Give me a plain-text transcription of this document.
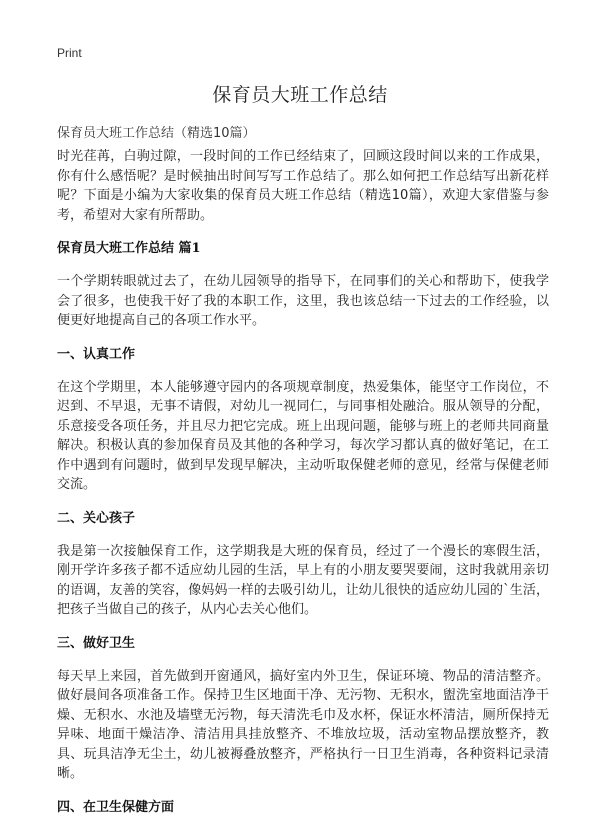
Print
保育员大班工作总结

保育员大班工作总结（精选10篇）

时光荏苒，白驹过隙，一段时间的工作已经结束了，回顾这段时间以来的工作成果，你有什么感悟呢？是时候抽出时间写写工作总结了。那么如何把工作总结写出新花样呢？下面是小编为大家收集的保育员大班工作总结（精选10篇），欢迎大家借鉴与参考，希望对大家有所帮助。

保育员大班工作总结 篇1

一个学期转眼就过去了，在幼儿园领导的指导下，在同事们的关心和帮助下，使我学会了很多，也使我干好了我的本职工作，这里，我也该总结一下过去的工作经验，以便更好地提高自己的各项工作水平。

一、认真工作

在这个学期里，本人能够遵守园内的各项规章制度，热爱集体，能坚守工作岗位，不迟到、不早退，无事不请假，对幼儿一视同仁，与同事相处融洽。服从领导的分配，乐意接受各项任务，并且尽力把它完成。班上出现问题，能够与班上的老师共同商量解决。积极认真的参加保育员及其他的各种学习，每次学习都认真的做好笔记，在工作中遇到有问题时，做到早发现早解决，主动听取保健老师的意见，经常与保健老师交流。

二、关心孩子

我是第一次接触保育工作，这学期我是大班的保育员，经过了一个漫长的寒假生活，刚开学许多孩子都不适应幼儿园的生活，早上有的小朋友要哭要闹，这时我就用亲切的语调，友善的笑容，像妈妈一样的去吸引幼儿，让幼儿很快的适应幼儿园的`生活，把孩子当做自己的孩子，从内心去关心他们。

三、做好卫生

每天早上来园，首先做到开窗通风，搞好室内外卫生，保证环境、物品的清洁整齐。做好晨间各项准备工作。保持卫生区地面干净、无污物、无积水，盥洗室地面洁净干燥、无积水、水池及墙壁无污物，每天清洗毛巾及水杯，保证水杯清洁，厕所保持无异味、地面干燥洁净、清洁用具挂放整齐、不堆放垃圾，活动室物品摆放整齐，教具、玩具洁净无尘土，幼儿被褥叠放整齐，严格执行一日卫生消毒，各种资料记录清晰。

四、在卫生保健方面
